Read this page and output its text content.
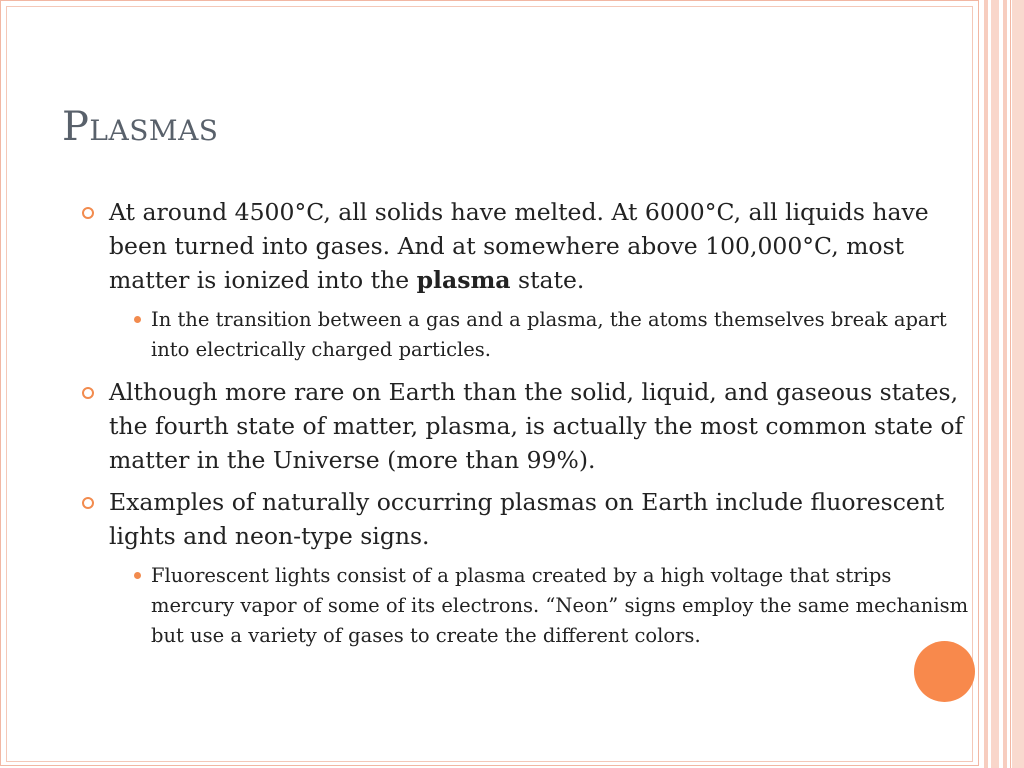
Plasmas
At around 4500°C, all solids have melted. At 6000°C, all liquids have been turned into gases. And at somewhere above 100,000°C, most matter is ionized into the plasma state.
In the transition between a gas and a plasma, the atoms themselves break apart into electrically charged particles.
Although more rare on Earth than the solid, liquid, and gaseous states, the fourth state of matter, plasma, is actually the most common state of matter in the Universe (more than 99%).
Examples of naturally occurring plasmas on Earth include fluorescent lights and neon-type signs.
Fluorescent lights consist of a plasma created by a high voltage that strips mercury vapor of some of its electrons. “Neon” signs employ the same mechanism but use a variety of gases to create the different colors.
